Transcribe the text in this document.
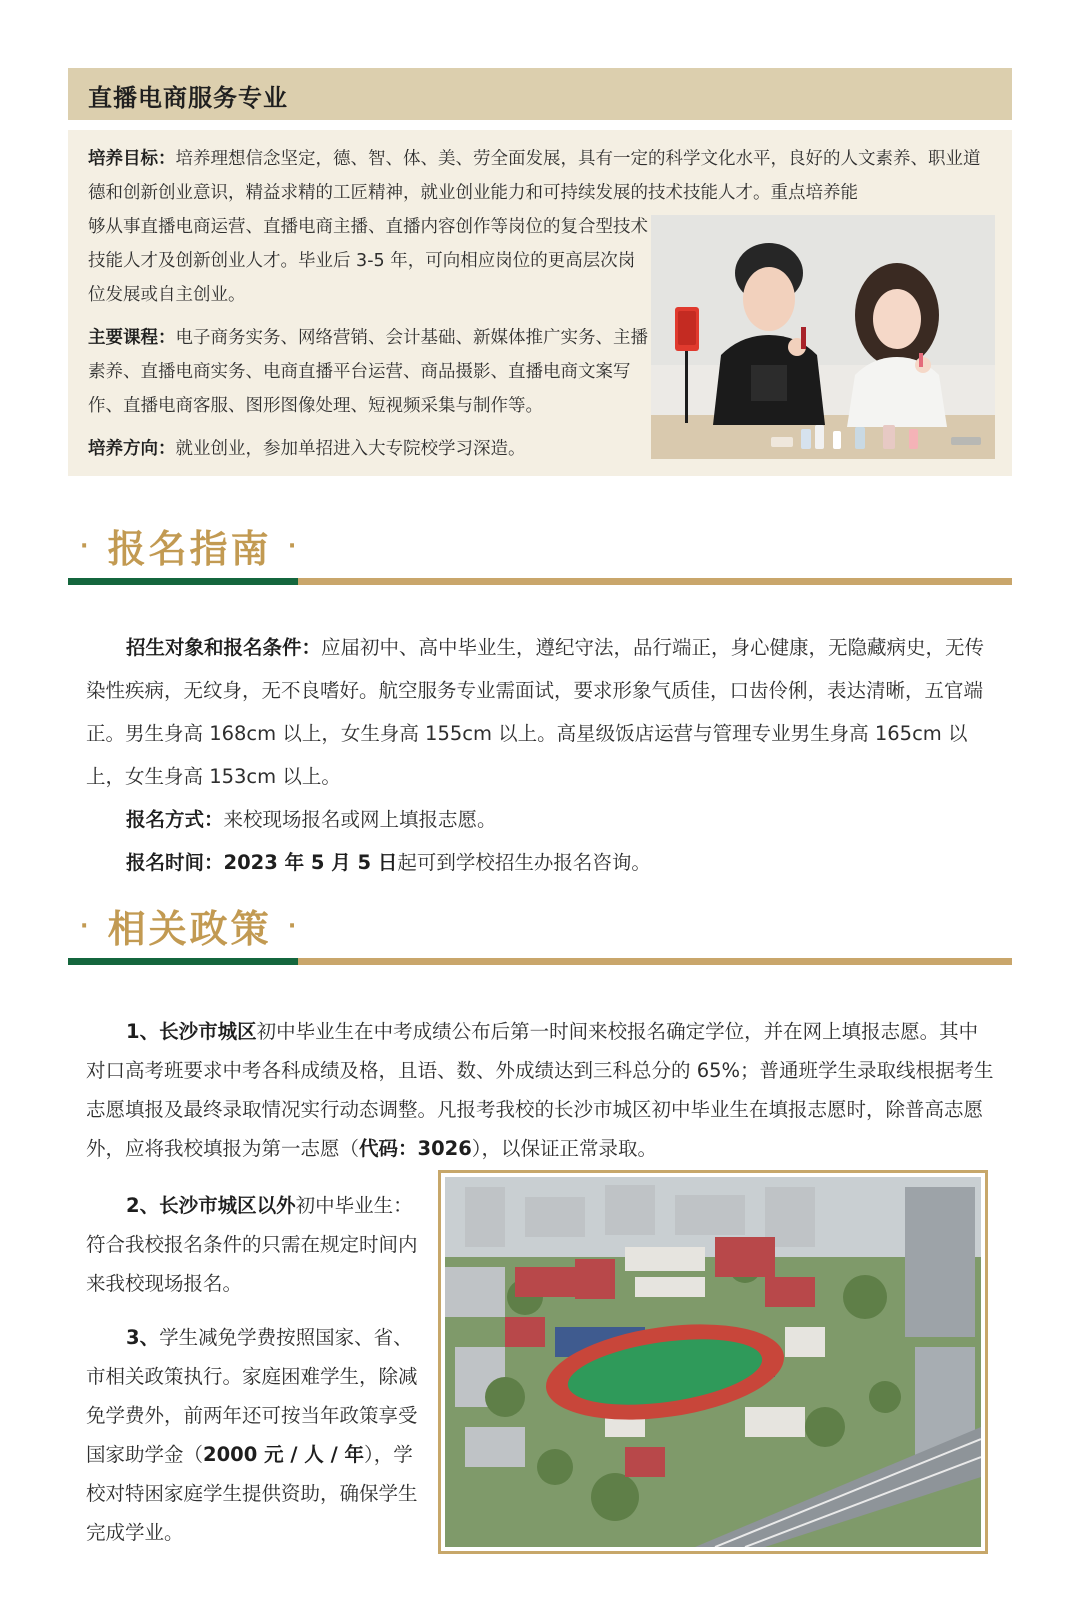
直播电商服务专业

培养目标：培养理想信念坚定，德、智、体、美、劳全面发展，具有一定的科学文化水平，良好的人文素养、职业道德和创新创业意识，精益求精的工匠精神，就业创业能力和可持续发展的技术技能人才。重点培养能

够从事直播电商运营、直播电商主播、直播内容创作等岗位的复合型技术技能人才及创新创业人才。毕业后 3-5 年，可向相应岗位的更高层次岗位发展或自主创业。

主要课程：电子商务实务、网络营销、会计基础、新媒体推广实务、主播素养、直播电商实务、电商直播平台运营、商品摄影、直播电商文案写作、直播电商客服、图形图像处理、短视频采集与制作等。

培养方向：就业创业，参加单招进入大专院校学习深造。

· 报名指南 ·

招生对象和报名条件：应届初中、高中毕业生，遵纪守法，品行端正，身心健康，无隐藏病史，无传染性疾病，无纹身，无不良嗜好。航空服务专业需面试，要求形象气质佳，口齿伶俐，表达清晰，五官端正。男生身高 168cm 以上，女生身高 155cm 以上。高星级饭店运营与管理专业男生身高 165cm 以上，女生身高 153cm 以上。

报名方式：来校现场报名或网上填报志愿。

报名时间：2023 年 5 月 5 日起可到学校招生办报名咨询。

· 相关政策 ·

1、长沙市城区初中毕业生在中考成绩公布后第一时间来校报名确定学位，并在网上填报志愿。其中对口高考班要求中考各科成绩及格，且语、数、外成绩达到三科总分的 65%；普通班学生录取线根据考生志愿填报及最终录取情况实行动态调整。凡报考我校的长沙市城区初中毕业生在填报志愿时，除普高志愿外，应将我校填报为第一志愿（代码：3026），以保证正常录取。

2、长沙市城区以外初中毕业生：符合我校报名条件的只需在规定时间内来我校现场报名。

3、学生减免学费按照国家、省、市相关政策执行。家庭困难学生，除减免学费外，前两年还可按当年政策享受国家助学金（2000 元 / 人 / 年），学校对特困家庭学生提供资助，确保学生完成学业。
